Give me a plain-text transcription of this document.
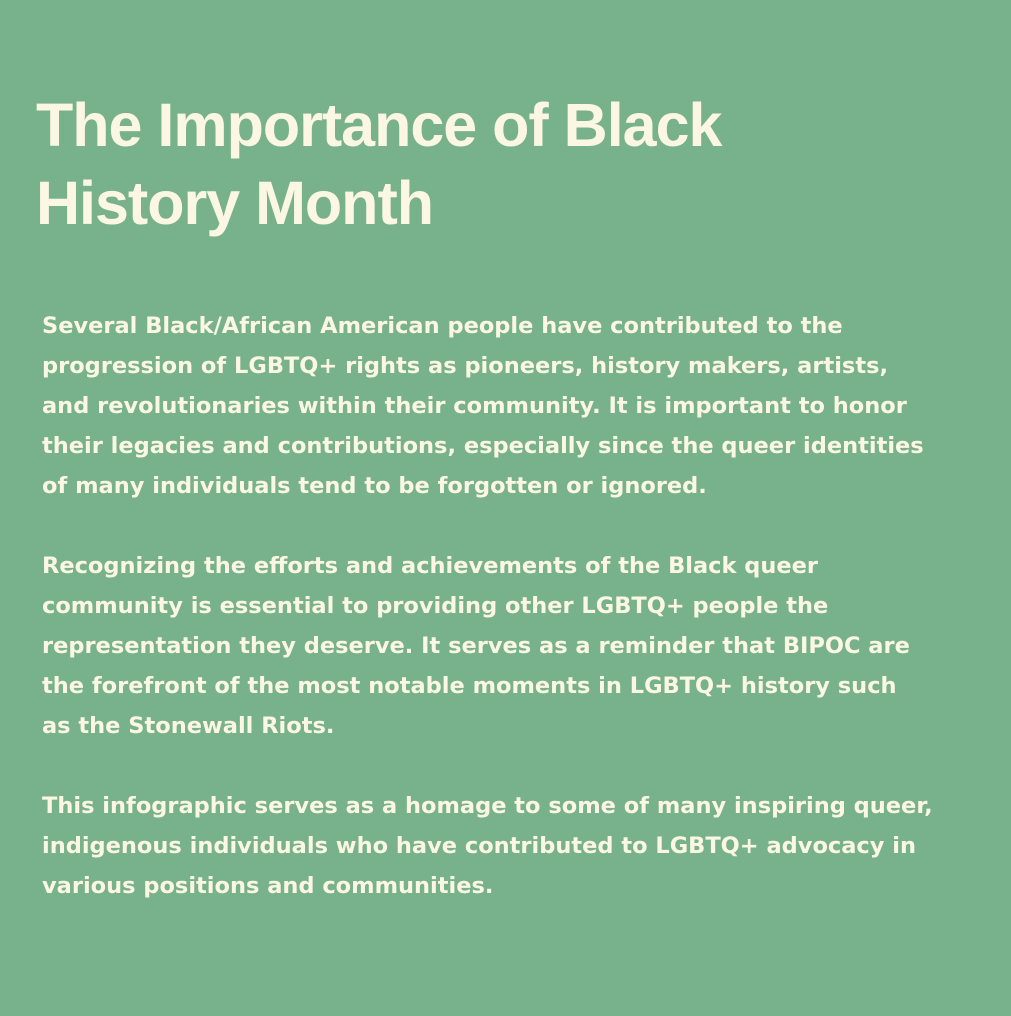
The Importance of Black
History Month

Several Black/African American people have contributed to the
progression of LGBTQ+ rights as pioneers, history makers, artists,
and revolutionaries within their community. It is important to honor
their legacies and contributions, especially since the queer identities
of many individuals tend to be forgotten or ignored.

Recognizing the efforts and achievements of the Black queer
community is essential to providing other LGBTQ+ people the
representation they deserve. It serves as a reminder that BIPOC are
the forefront of the most notable moments in LGBTQ+ history such
as the Stonewall Riots.

This infographic serves as a homage to some of many inspiring queer,
indigenous individuals who have contributed to LGBTQ+ advocacy in
various positions and communities.
